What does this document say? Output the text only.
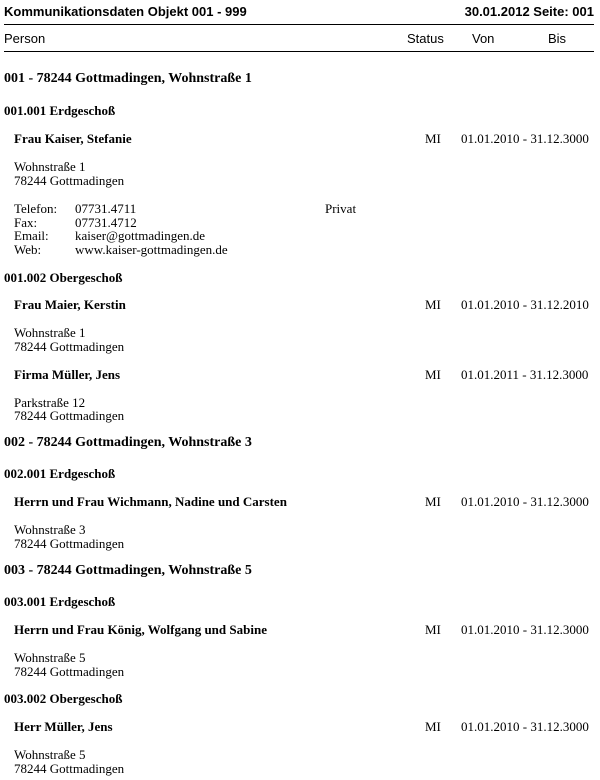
Kommunikationsdaten Objekt 001 - 999	30.01.2012 Seite: 001
Person	Status Von	Bis
001 - 78244 Gottmadingen, Wohnstraße 1
001.001 Erdgeschoß
Frau Kaiser, Stefanie	MI 01.01.2010 - 31.12.3000
Wohnstraße 1
78244 Gottmadingen
Telefon: 07731.4711	Privat
Fax:	07731.4712
Email: kaiser@gottmadingen.de
Web:	www.kaiser-gottmadingen.de
001.002 Obergeschoß
Frau Maier, Kerstin	MI 01.01.2010 - 31.12.2010
Wohnstraße 1
78244 Gottmadingen
Firma Müller, Jens	MI 01.01.2011 - 31.12.3000
Parkstraße 12
78244 Gottmadingen
002 - 78244 Gottmadingen, Wohnstraße 3
002.001 Erdgeschoß
Herrn und Frau Wichmann, Nadine und Carsten	MI 01.01.2010 - 31.12.3000
Wohnstraße 3
78244 Gottmadingen
003 - 78244 Gottmadingen, Wohnstraße 5
003.001 Erdgeschoß
Herrn und Frau König, Wolfgang und Sabine	MI 01.01.2010 - 31.12.3000
Wohnstraße 5
78244 Gottmadingen
003.002 Obergeschoß
Herr Müller, Jens	MI 01.01.2010 - 31.12.3000
Wohnstraße 5
78244 Gottmadingen
